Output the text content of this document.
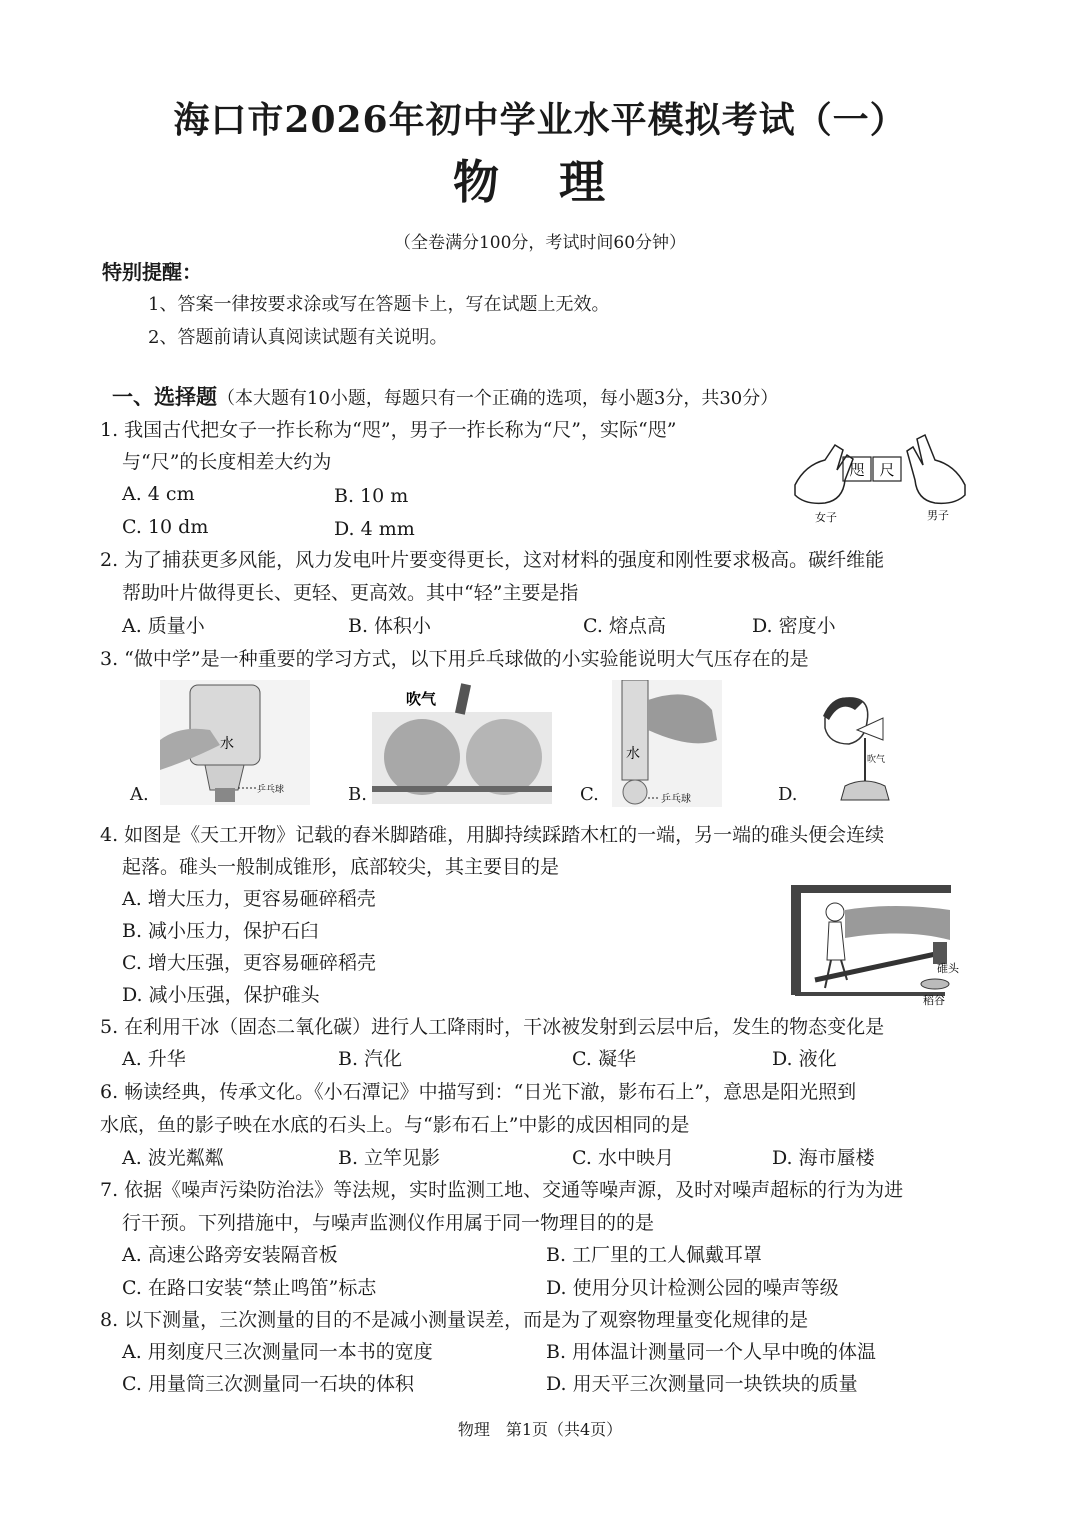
海口市2026年初中学业水平模拟考试（一）
物 理
（全卷满分100分，考试时间60分钟）
特别提醒：
1、答案一律按要求涂或写在答题卡上，写在试题上无效。
2、答题前请认真阅读试题有关说明。
一、选择题（本大题有10小题，每题只有一个正确的选项，每小题3分，共30分）
1. 我国古代把女子一拃长称为“咫”，男子一拃长称为“尺”，实际“咫”
与“尺”的长度相差大约为
A. 4 cm	B. 10 m
C. 10 dm	D. 4 mm
咫 尺
女子	男子
2. 为了捕获更多风能，风力发电叶片要变得更长，这对材料的强度和刚性要求极高。碳纤维能
帮助叶片做得更长、更轻、更高效。其中“轻”主要是指
A. 质量小	B. 体积小	C. 熔点高	D. 密度小
3. “做中学”是一种重要的学习方式，以下用乒乓球做的小实验能说明大气压存在的是
A.	B.	C.	D.
水
乒乓球
吹气
水
乒乓球
吹气
4. 如图是《天工开物》记载的舂米脚踏碓，用脚持续踩踏木杠的一端，另一端的碓头便会连续
起落。碓头一般制成锥形，底部较尖，其主要目的是
A. 增大压力，更容易砸碎稻壳
B. 减小压力，保护石臼
C. 增大压强，更容易砸碎稻壳
D. 减小压强，保护碓头
碓头
稻谷
5. 在利用干冰（固态二氧化碳）进行人工降雨时，干冰被发射到云层中后，发生的物态变化是
A. 升华	B. 汽化	C. 凝华	D. 液化
6. 畅读经典，传承文化。《小石潭记》中描写到：“日光下澈，影布石上”，意思是阳光照到
水底，鱼的影子映在水底的石头上。与“影布石上”中影的成因相同的是
A. 波光粼粼	B. 立竿见影	C. 水中映月	D. 海市蜃楼
7. 依据《噪声污染防治法》等法规，实时监测工地、交通等噪声源，及时对噪声超标的行为为进
行干预。下列措施中，与噪声监测仪作用属于同一物理目的的是
A. 高速公路旁安装隔音板	B. 工厂里的工人佩戴耳罩
C. 在路口安装“禁止鸣笛”标志	D. 使用分贝计检测公园的噪声等级
8. 以下测量，三次测量的目的不是减小测量误差，而是为了观察物理量变化规律的是
A. 用刻度尺三次测量同一本书的宽度	B. 用体温计测量同一个人早中晚的体温
C. 用量筒三次测量同一石块的体积	D. 用天平三次测量同一块铁块的质量
物理　第1页（共4页）
